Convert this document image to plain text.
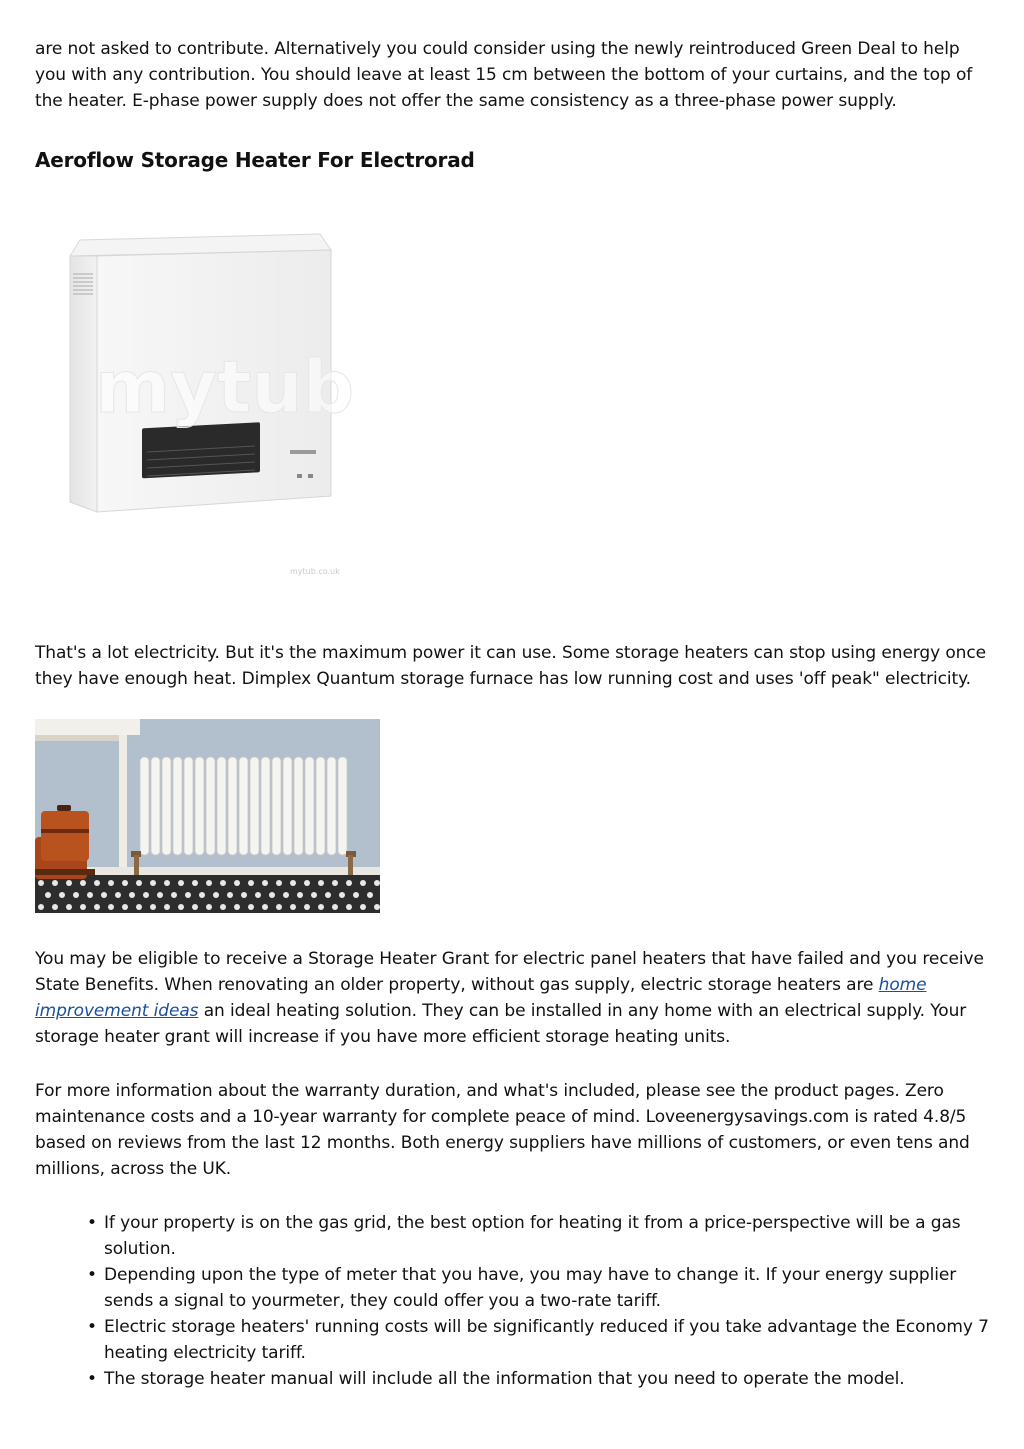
are not asked to contribute. Alternatively you could consider using the newly reintroduced Green Deal to help you with any contribution. You should leave at least 15 cm between the bottom of your curtains, and the top of the heater. E-phase power supply does not offer the same consistency as a three-phase power supply.

Aeroflow Storage Heater For Electrorad
mytub
mytub.co.uk

That's a lot electricity. But it's the maximum power it can use. Some storage heaters can stop using energy once they have enough heat. Dimplex Quantum storage furnace has low running cost and uses 'off peak" electricity.

You may be eligible to receive a Storage Heater Grant for electric panel heaters that have failed and you receive State Benefits. When renovating an older property, without gas supply, electric storage heaters are home improvement ideas an ideal heating solution. They can be installed in any home with an electrical supply. Your storage heater grant will increase if you have more efficient storage heating units.

For more information about the warranty duration, and what's included, please see the product pages. Zero maintenance costs and a 10-year warranty for complete peace of mind. Loveenergysavings.com is rated 4.8/5 based on reviews from the last 12 months. Both energy suppliers have millions of customers, or even tens and millions, across the UK.

• If your property is on the gas grid, the best option for heating it from a price-perspective will be a gas solution.
• Depending upon the type of meter that you have, you may have to change it. If your energy supplier sends a signal to yourmeter, they could offer you a two-rate tariff.
• Electric storage heaters' running costs will be significantly reduced if you take advantage the Economy 7 heating electricity tariff.
• The storage heater manual will include all the information that you need to operate the model.
